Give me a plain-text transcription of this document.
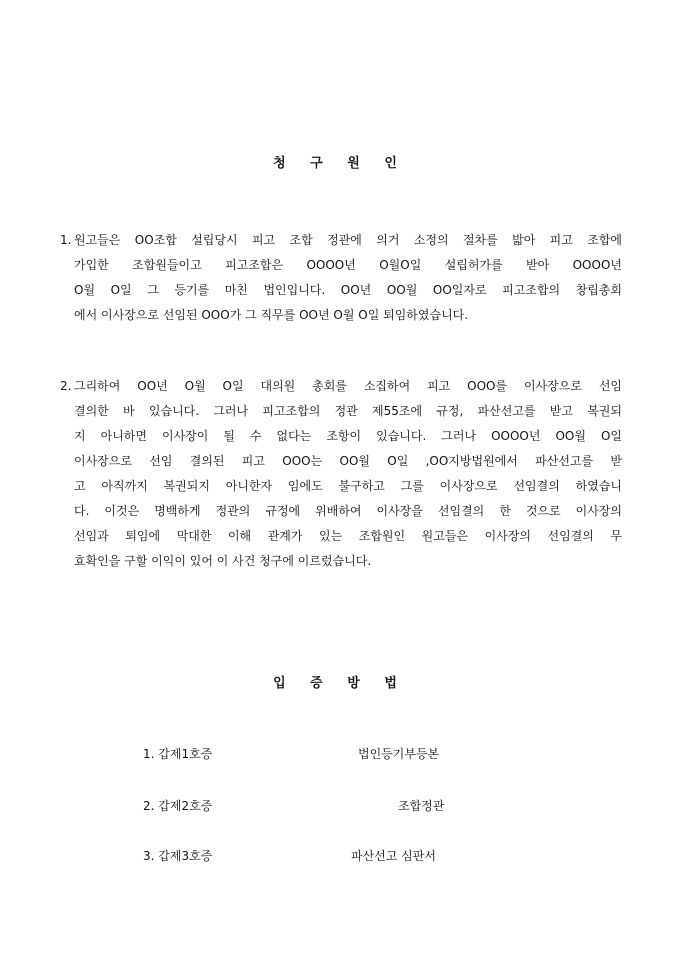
청 구 원 인
1. 원고들은 OO조합 설립당시 피고 조합 정관에 의거 소정의 절차를 밟아 피고 조합에
가입한 조합원들이고 피고조합은 OOOO년 O월O일 설립허가를 받아 OOOO년
O월 O일 그 등기를 마친 법인입니다. OO년 OO월 OO일자로 피고조합의 창립총회
에서 이사장으로 선임된 OOO가 그 직무를 OO년 O월 O일 퇴임하였습니다.
2. 그리하여 OO년 O월 O일 대의원 총회를 소집하여 피고 OOO를 이사장으로 선임
결의한 바 있습니다. 그러나 피고조합의 정관 제55조에 규정, 파산선고를 받고 복권되
지 아니하면 이사장이 될 수 없다는 조항이 있습니다. 그러나 OOOO년 OO월 O일
이사장으로 선임 결의된 피고 OOO는 OO월 O일 ,OO지방법원에서 파산선고를 받
고 아직까지 복권되지 아니한자 임에도 불구하고 그를 이사장으로 선임결의 하였습니
다. 이것은 명백하게 정관의 규정에 위배하여 이사장을 선임결의 한 것으로 이사장의
선임과 퇴임에 막대한 이해 관계가 있는 조합원인 원고들은 이사장의 선임결의 무
효확인을 구할 이익이 있어 이 사건 청구에 이르렀습니다.
입 증 방 법
1. 갑제1호증	법인등기부등본
2. 갑제2호증	조합정관
3. 갑제3호증	파산선고 심판서
